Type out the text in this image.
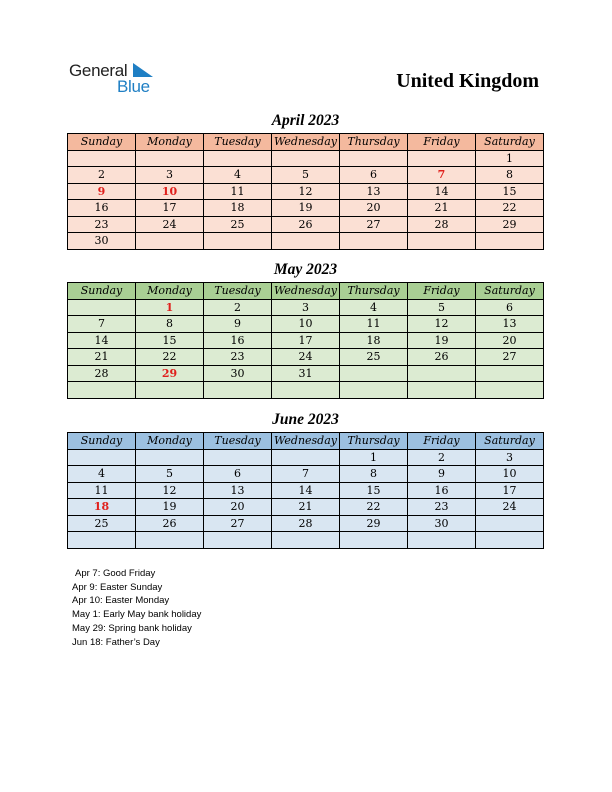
General
Blue	United Kingdom
April 2023
Sunday	Monday	Tuesday	Wednesday	Thursday	Friday	Saturday
						1
2	3	4	5	6	7	8
9	10	11	12	13	14	15
16	17	18	19	20	21	22
23	24	25	26	27	28	29
30						
May 2023
Sunday	Monday	Tuesday	Wednesday	Thursday	Friday	Saturday
	1	2	3	4	5	6
7	8	9	10	11	12	13
14	15	16	17	18	19	20
21	22	23	24	25	26	27
28	29	30	31			

June 2023
Sunday	Monday	Tuesday	Wednesday	Thursday	Friday	Saturday
				1	2	3
4	5	6	7	8	9	10
11	12	13	14	15	16	17
18	19	20	21	22	23	24
25	26	27	28	29	30	

Apr 7: Good Friday
Apr 9: Easter Sunday
Apr 10: Easter Monday
May 1: Early May bank holiday
May 29: Spring bank holiday
Jun 18: Father’s Day
